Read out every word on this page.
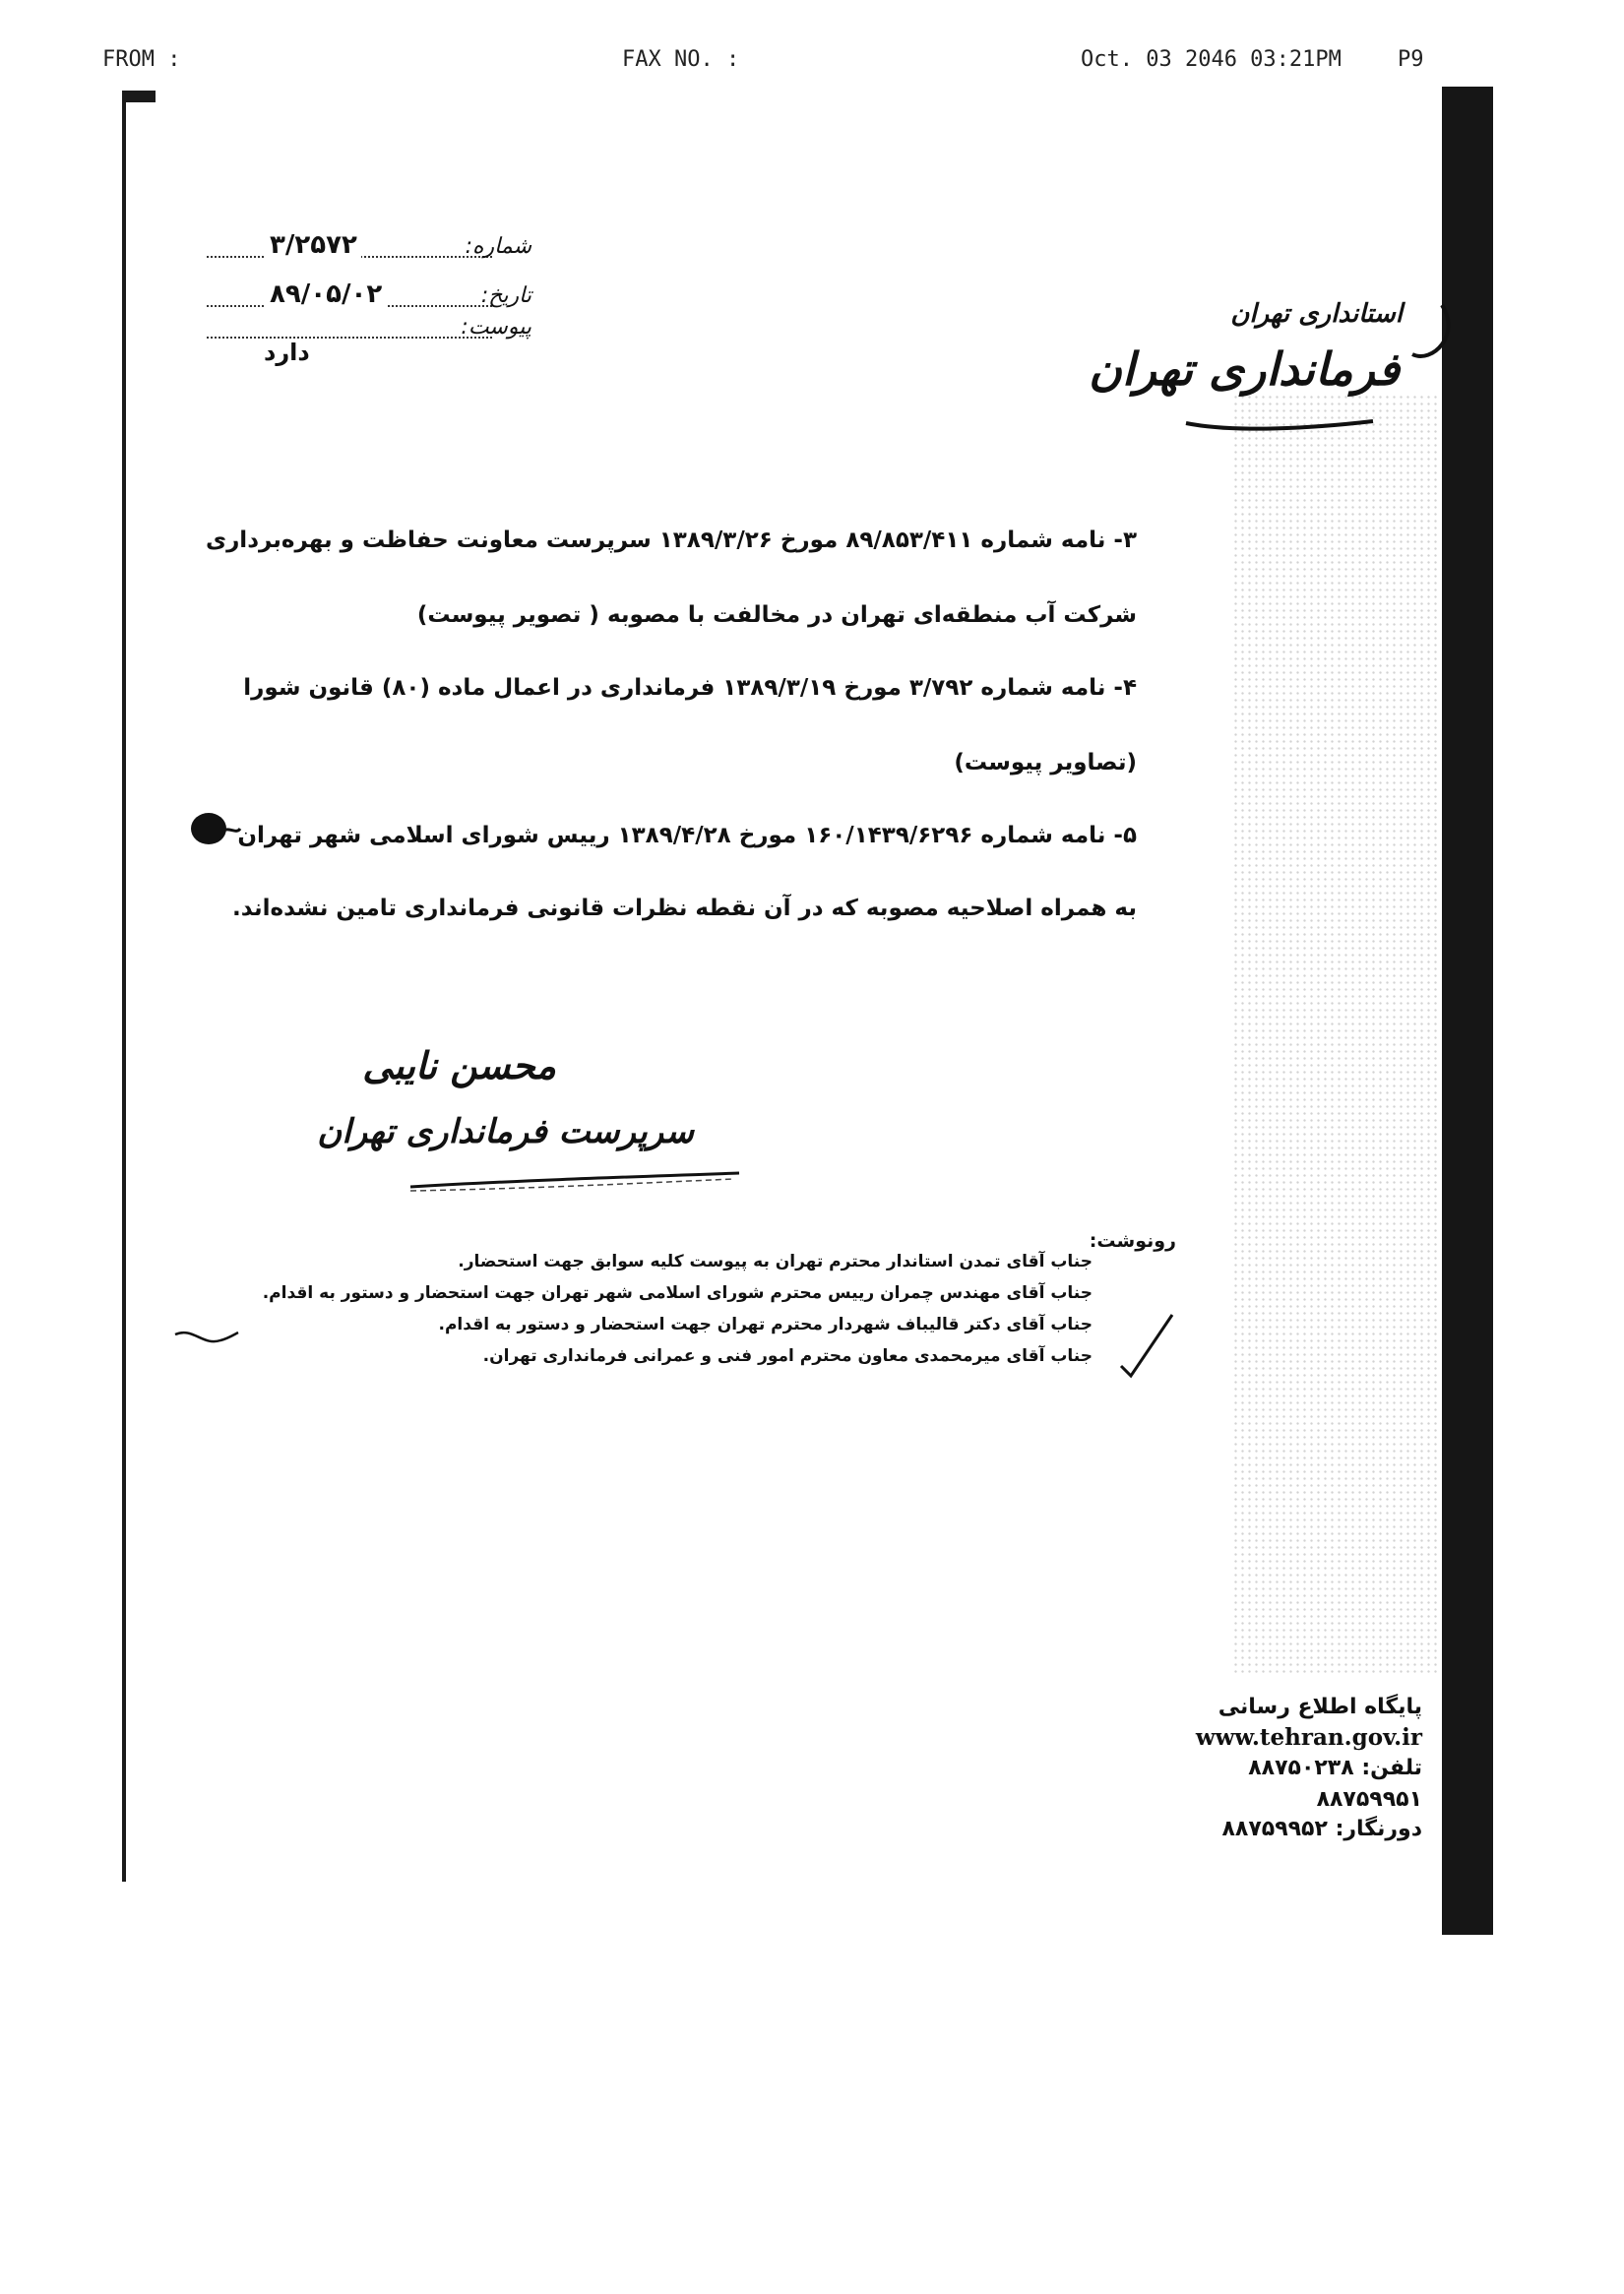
FROM :	FAX NO. :	Oct. 03 2046 03:21PM	P9
۳/۲۵۷۲	شماره:
۸۹/۰۵/۰۲	تاریخ:
پیوست:
دارد
استانداری تهران
فرمانداری تهران
۳- نامه شماره ۸۹/۸۵۳/۴۱۱ مورخ ۱۳۸۹/۳/۲۶ سرپرست معاونت حفاظت و بهره‌برداری
شرکت آب منطقه‌ای تهران در مخالفت با مصوبه ( تصویر پیوست)
۴- نامه شماره ۳/۷۹۲ مورخ ۱۳۸۹/۳/۱۹ فرمانداری در اعمال ماده (۸۰) قانون شورا
(تصاویر پیوست)
۵- نامه شماره ۱۶۰/۱۴۳۹/۶۲۹۶ مورخ ۱۳۸۹/۴/۲۸ رییس شورای اسلامی شهر تهران
به همراه اصلاحیه مصوبه که در آن نقطه نظرات قانونی فرمانداری تامین نشده‌اند.
محسن نایبی
سرپرست فرمانداری تهران
رونوشت:
جناب آقای تمدن استاندار محترم تهران به پیوست کلیه سوابق جهت استحضار.
جناب آقای مهندس چمران رییس محترم شورای اسلامی شهر تهران جهت استحضار و دستور به اقدام.
جناب آقای دکتر قالیباف شهردار محترم تهران جهت استحضار و دستور به اقدام.
جناب آقای میرمحمدی معاون محترم امور فنی و عمرانی فرمانداری تهران.
پایگاه اطلاع رسانی
www.tehran.gov.ir
تلفن: ۸۸۷۵۰۲۳۸
۸۸۷۵۹۹۵۱
دورنگار: ۸۸۷۵۹۹۵۲
